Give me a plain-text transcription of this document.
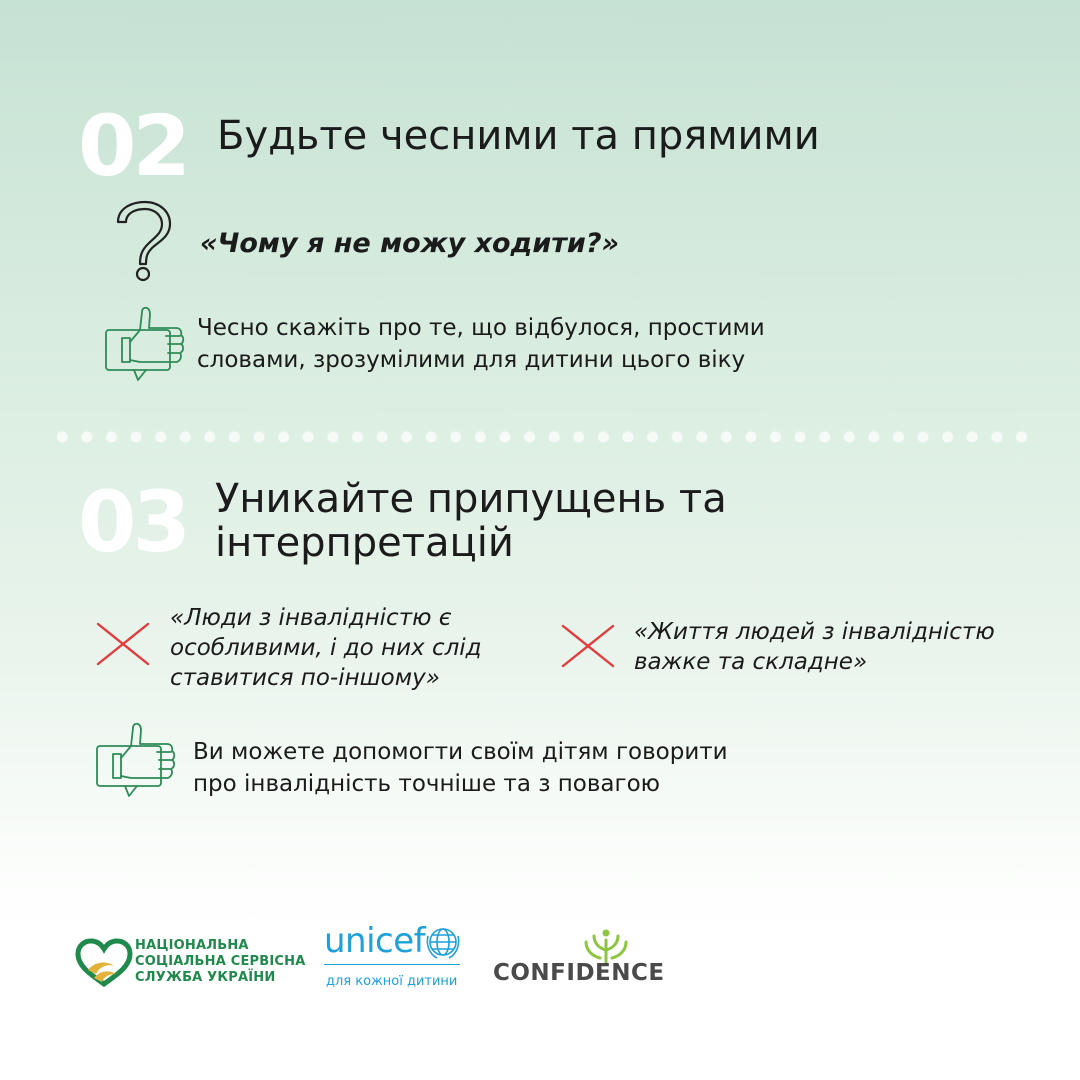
02 Будьте чесними та прямими
«Чому я не можу ходити?»
Чесно скажіть про те, що відбулося, простими
словами, зрозумілими для дитини цього віку
03 Уникайте припущень та
інтерпретацій
«Люди з інвалідністю є
особливими, і до них слід
ставитися по-іншому»
«Життя людей з інвалідністю
важке та складне»
Ви можете допомогти своїм дітям говорити
про інвалідність точніше та з повагою
НАЦІОНАЛЬНА
СОЦІАЛЬНА СЕРВІСНА
СЛУЖБА УКРАЇНИ
unicef
для кожної дитини CONFIDENCE
